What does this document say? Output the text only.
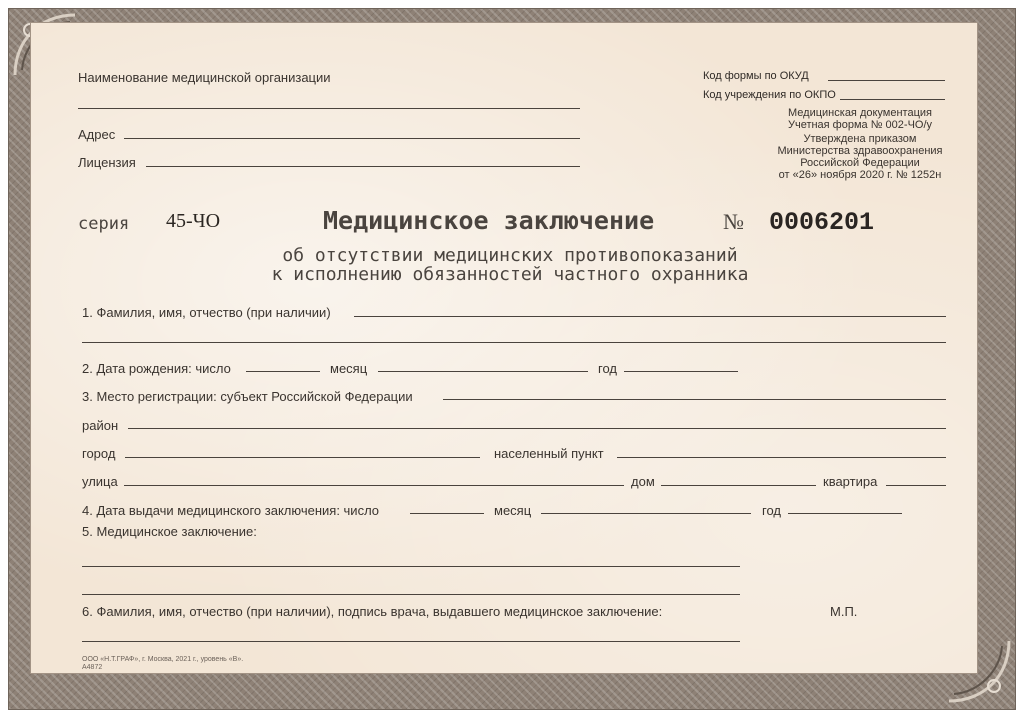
Наименование медицинской организации
Адрес
Лицензия
Код формы по ОКУД
Код учреждения по ОКПО
Медицинская документация
Учетная форма № 002-ЧО/у
Утверждена приказом
Министерства здравоохранения
Российской Федерации
от «26» ноября 2020 г. № 1252н
серия 45-ЧО	Медицинское заключение	№ 0006201
об отсутствии медицинских противопоказаний
к исполнению обязанностей частного охранника
1. Фамилия, имя, отчество (при наличии)
2. Дата рождения: число	месяц	год
3. Место регистрации: субъект Российской Федерации
район
город	населенный пункт
улица	дом	квартира
4. Дата выдачи медицинского заключения: число	месяц	год
5. Медицинское заключение:
6. Фамилия, имя, отчество (при наличии), подпись врача, выдавшего медицинское заключение:	М.П.
ООО «Н.Т.ГРАФ», г. Москва, 2021 г., уровень «В».
А4872
